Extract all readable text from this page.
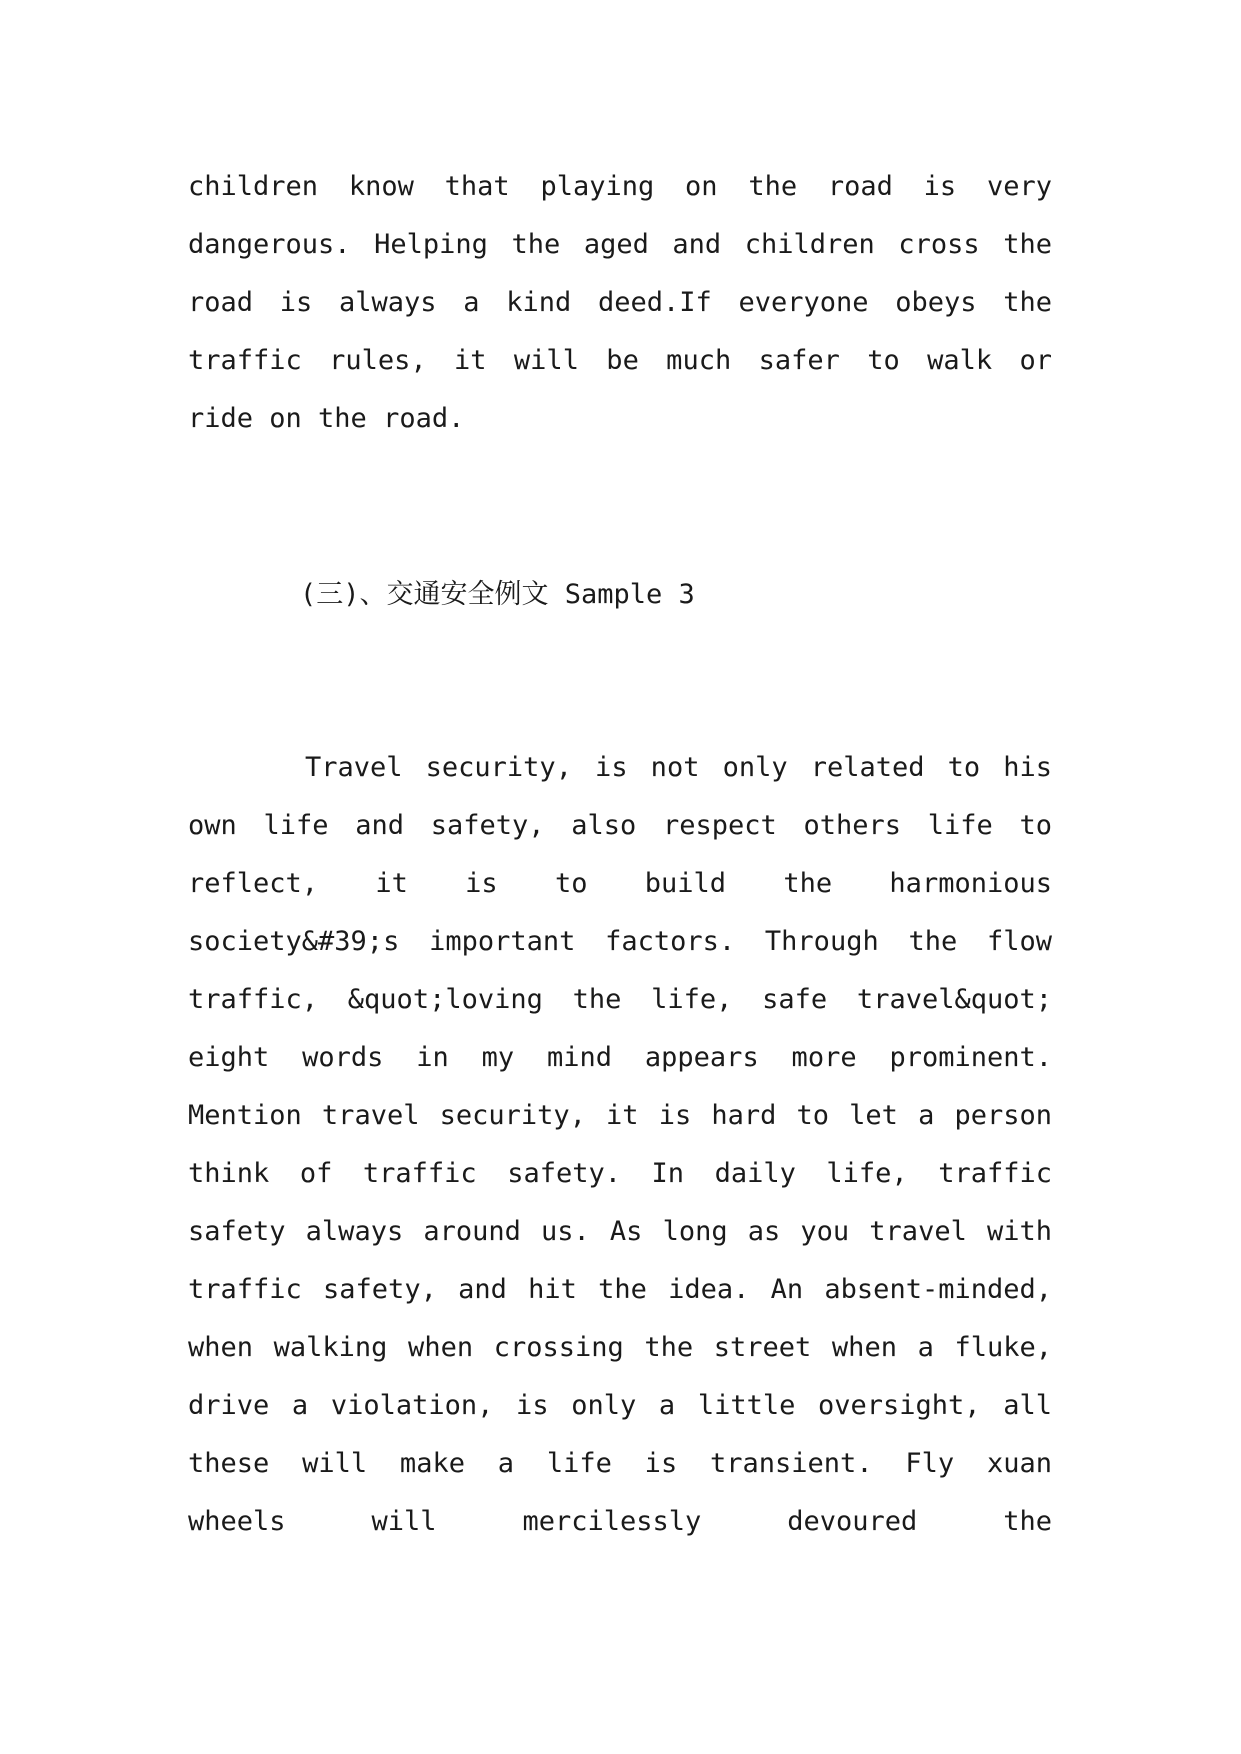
children know that playing on the road is very
dangerous. Helping the aged and children cross the
road is always a kind deed.If everyone obeys the
traffic rules, it will be much safer to walk or
ride on the road.
(三)、交通安全例文 Sample 3
Travel security, is not only related to his
own life and safety, also respect others life to
reflect, it is to build the harmonious
society&#39;s important factors. Through the flow
traffic, &quot;loving the life, safe travel&quot;
eight words in my mind appears more prominent.
Mention travel security, it is hard to let a person
think of traffic safety. In daily life, traffic
safety always around us. As long as you travel with
traffic safety, and hit the idea. An absent-minded,
when walking when crossing the street when a fluke,
drive a violation, is only a little oversight, all
these will make a life is transient. Fly xuan
wheels will mercilessly devoured the
